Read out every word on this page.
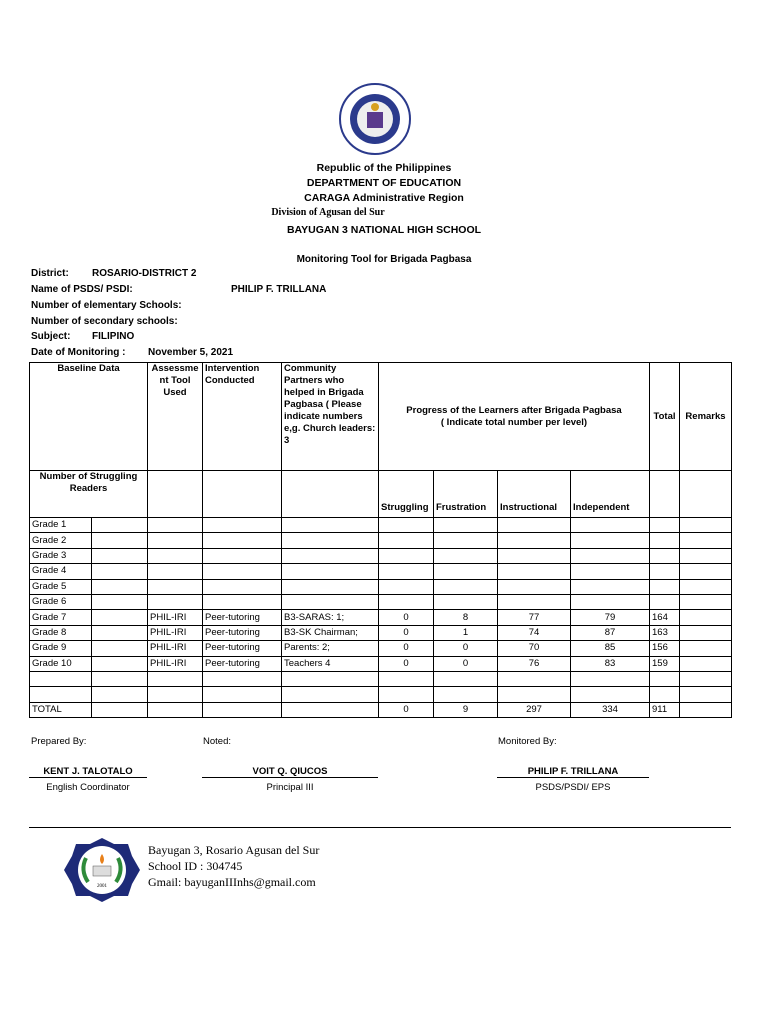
Republic of the Philippines
DEPARTMENT OF EDUCATION
CARAGA Administrative Region
Division of Agusan del Sur
BAYUGAN 3 NATIONAL HIGH SCHOOL
Monitoring Tool for Brigada Pagbasa
District: ROSARIO-DISTRICT 2
Name of PSDS/ PSDI:	PHILIP F. TRILLANA
Number of elementary Schools:
Number of secondary schools:
Subject: FILIPINO
Date of Monitoring : November 5, 2021
Baseline Data		Assessme nt Tool Used	Intervention Conducted	Community Partners who helped in Brigada Pagbasa ( Please indicate numbers e,g. Church leaders: 3	Progress of the Learners after Brigada Pagbasa
( Indicate total number per level)				Total	Remarks
Number of Struggling Readers					Struggling	Frustration	Instructional	Independent		
Grade 1										
Grade 2										
Grade 3										
Grade 4										
Grade 5										
Grade 6										
Grade 7		PHIL-IRI	Peer-tutoring	B3-SARAS: 1;	0	8	77	79	164	
Grade 8		PHIL-IRI	Peer-tutoring	B3-SK Chairman;	0	1	74	87	163	
Grade 9		PHIL-IRI	Peer-tutoring	Parents: 2;	0	0	70	85	156	
Grade 10		PHIL-IRI	Peer-tutoring	Teachers 4	0	0	76	83	159	

TOTAL					0	9	297	334	911	
Prepared By:	Noted:	Monitored By:
KENT J. TALOTALO
English Coordinator
VOIT Q. QIUCOS
Principal III
PHILIP F. TRILLANA
PSDS/PSDI/ EPS
2001
Bayugan 3, Rosario Agusan del Sur
School ID : 304745
Gmail: bayuganIIInhs@gmail.com
